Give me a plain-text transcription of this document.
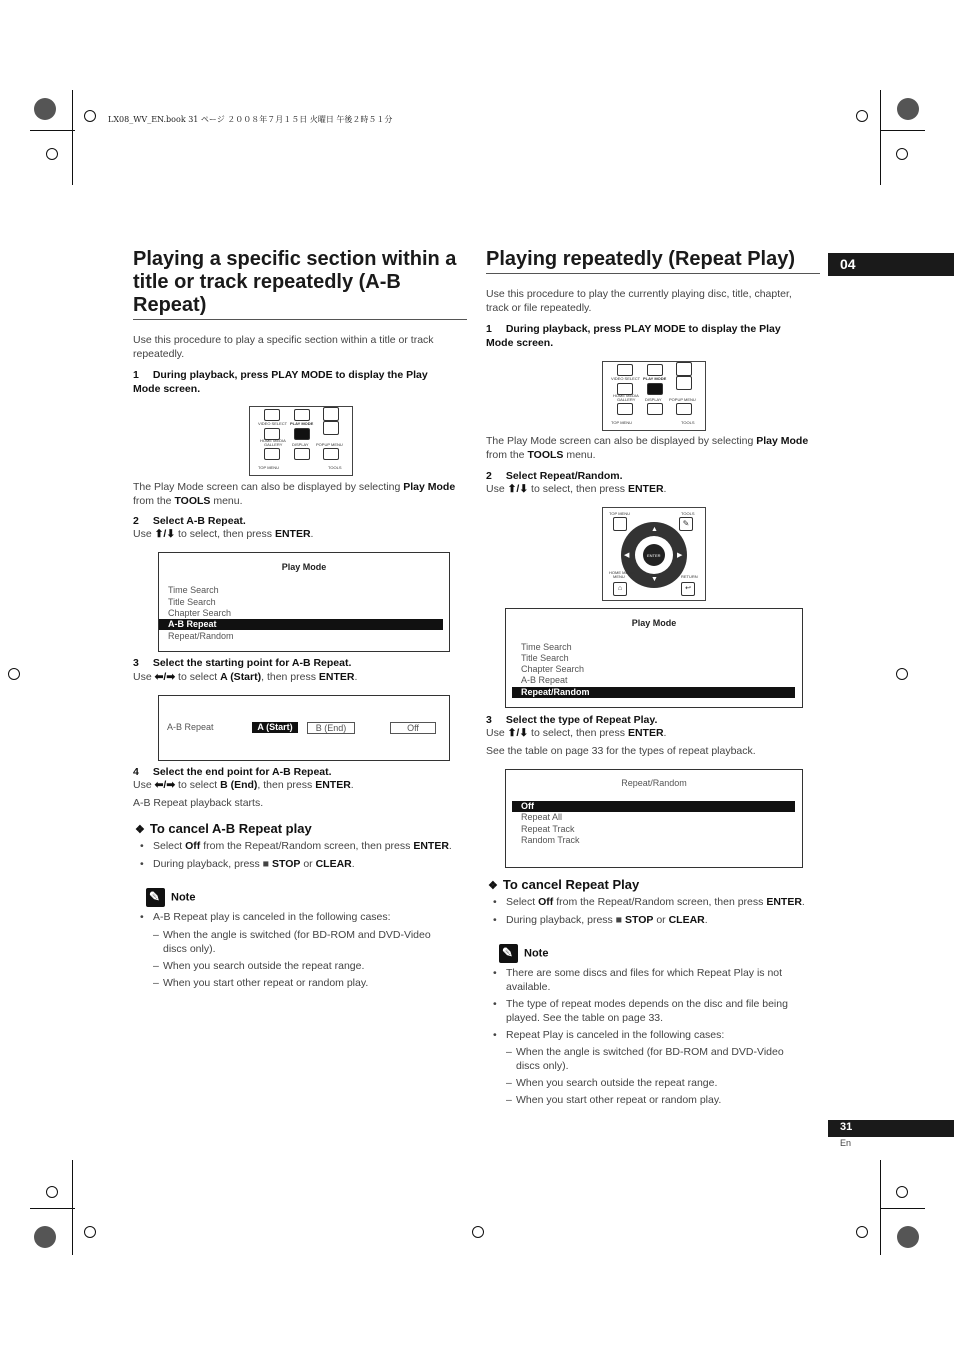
LX08_WV_EN.book 31 ページ ２００８年７月１５日 火曜日 午後２時５１分
04
31
En
Playing a specific section within a
title or track repeatedly (A-B
Repeat)
Use this procedure to play a specific section within a title or track
repeatedly.
1 During playback, press PLAY MODE to display the Play
Mode screen.
VIDEO SELECT PLAY MODE
HOME MEDIA
GALLERY DISPLAY POPUP MENU
TOP MENU	TOOLS
The Play Mode screen can also be displayed by selecting Play Mode
from the TOOLS menu.
2 Select A-B Repeat.
Use ⬆/⬇ to select, then press ENTER.
Play Mode
Time Search
Title Search
Chapter Search
A-B Repeat
Repeat/Random
3 Select the starting point for A-B Repeat.
Use ⬅/➡ to select A (Start), then press ENTER.
A-B Repeat	A (Start)	B (End)	Off
4 Select the end point for A-B Repeat.
Use ⬅/➡ to select B (End), then press ENTER.
A-B Repeat playback starts.
❖ To cancel A-B Repeat play
• Select Off from the Repeat/Random screen, then press ENTER.
• During playback, press ■ STOP or CLEAR.
✎Note
• A-B Repeat play is canceled in the following cases:
– When the angle is switched (for BD-ROM and DVD-Video
discs only).
– When you search outside the repeat range.
– When you start other repeat or random play.
Playing repeatedly (Repeat Play)
Use this procedure to play the currently playing disc, title, chapter,
track or file repeatedly.
1 During playback, press PLAY MODE to display the Play
Mode screen.
VIDEO SELECT PLAY MODE
HOME MEDIA
GALLERY DISPLAY POPUP MENU
TOP MENU	TOOLS
The Play Mode screen can also be displayed by selecting Play Mode
from the TOOLS menu.
2 Select Repeat/Random.
Use ⬆/⬇ to select, then press ENTER.
TOP MENU	TOOLS
✎
ENTER
▲
▼
◀	▶
HOME MEDIA
MENU	RETURN
⌂	↩
Play Mode
Time Search
Title Search
Chapter Search
A-B Repeat
Repeat/Random
3 Select the type of Repeat Play.
Use ⬆/⬇ to select, then press ENTER.
See the table on page 33 for the types of repeat playback.
Repeat/Random
Off
Repeat All
Repeat Track
Random Track
❖ To cancel Repeat Play
• Select Off from the Repeat/Random screen, then press ENTER.
• During playback, press ■ STOP or CLEAR.
✎Note
• There are some discs and files for which Repeat Play is not
available.
• The type of repeat modes depends on the disc and file being
played. See the table on page 33.
• Repeat Play is canceled in the following cases:
– When the angle is switched (for BD-ROM and DVD-Video
discs only).
– When you search outside the repeat range.
– When you start other repeat or random play.
